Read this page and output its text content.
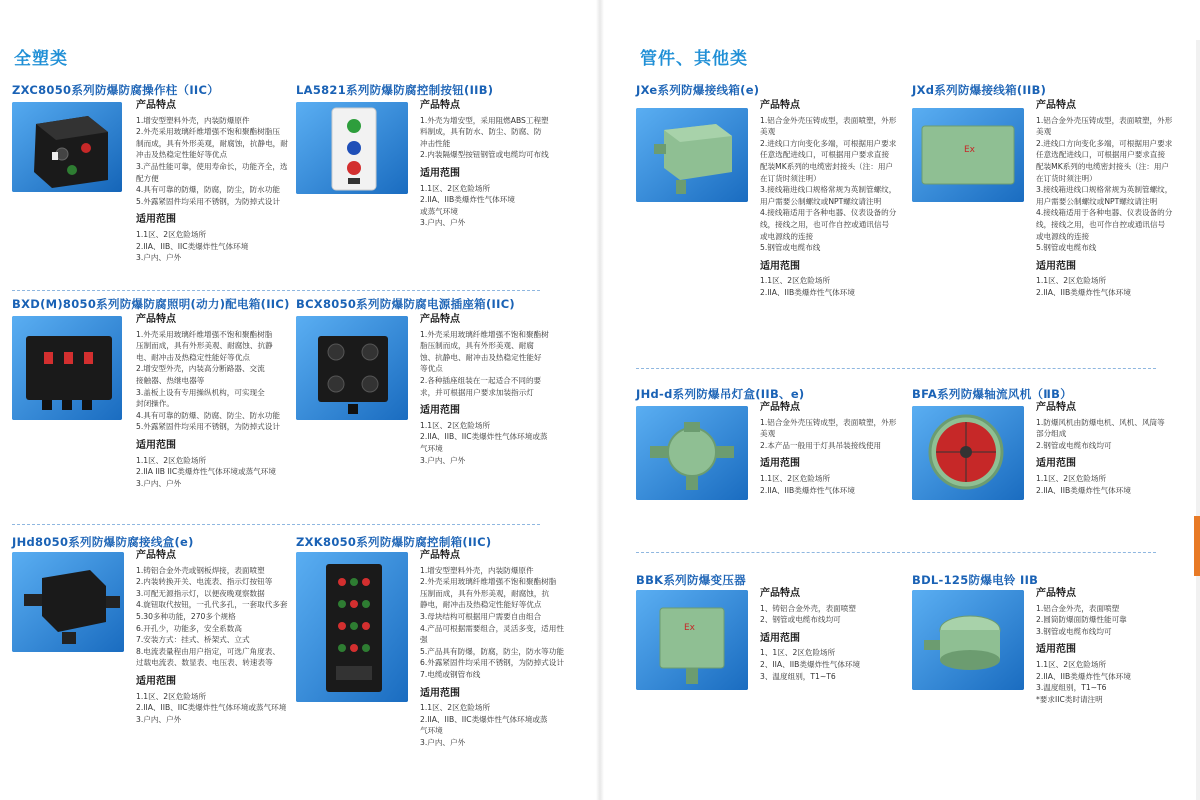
全塑类	管件、其他类
ZXC8050系列防爆防腐操作柱（IIC）
产品特点
1.增安型塑料外壳，内装防爆原件
2.外壳采用玻璃纤维增强不饱和聚酯树脂压
制而成，具有外形美观，耐腐蚀，抗静电，耐
冲击及热稳定性能好等优点
3.产品性能可靠，使用寿命长，功能齐全，选
配方便
4.具有可靠的防爆，防腐，防尘，防水功能
5.外露紧固件均采用不锈钢，为防掉式设计
适用范围
1.1区、2区危险场所
2.IIA、IIB、IIC类爆炸性气体环境
3.户内、户外
LA5821系列防爆防腐控制按钮(IIB)
产品特点
1.外壳为增安型，采用阻燃ABS工程塑
料制成，具有防水、防尘、防腐、防
冲击性能
2.内装隔爆型按钮钢管或电缆均可布线
适用范围
1.1区、2区危险场所
2.IIA、IIB类爆炸性气体环境
或蒸气环境
3.户内、户外
BXD(M)8050系列防爆防腐照明(动力)配电箱(IIC)
产品特点
1.外壳采用玻璃纤维增强不饱和聚酯树脂
压制而成，具有外形美观、耐腐蚀、抗静
电、耐冲击及热稳定性能好等优点
2.增安型外壳，内装高分断路器、交流
接触器、热继电器等
3.盖板上设有专用操纵机构，可实现全
封闭操作。
4.具有可靠的防爆、防腐、防尘、防水功能
5.外露紧固件均采用不锈钢，为防掉式设计
适用范围
1.1区、2区危险场所
2.IIA IIB IIC类爆炸性气体环境或蒸气环境
3.户内、户外
BCX8050系列防爆防腐电源插座箱(IIC)
产品特点
1.外壳采用玻璃纤维增强不饱和聚酯树
脂压制而成，具有外形美观、耐腐
蚀、抗静电、耐冲击及热稳定性能好
等优点
2.各种插座组装在一起适合不同的要
求，并可根据用户要求加装指示灯
适用范围
1.1区、2区危险场所
2.IIA、IIB、IIC类爆炸性气体环境或蒸
气环境
3.户内、户外
JHd8050系列防爆防腐接线盒(e)
产品特点
1.铸铝合金外壳或钢板焊接，表面喷塑
2.内装转换开关、电流表、指示灯按钮等
3.可配无源指示灯，以便夜晚观察数据
4.旋钮取代按钮，一孔代多孔，一套取代多套
5.30多种功能，270多个规格
6.开孔少，功能多，安全系数高
7.安装方式：挂式、桥架式、立式
8.电流表量程由用户指定，可选广角度表、
过载电流表、数显表、电压表、转速表等
适用范围
1.1区、2区危险场所
2.IIA、IIB、IIC类爆炸性气体环境或蒸气环境
3.户内、户外
ZXK8050系列防爆防腐控制箱(IIC)
产品特点
1.增安型塑料外壳，内装防爆原件
2.外壳采用玻璃纤维增强不饱和聚酯树脂
压制而成，具有外形美观，耐腐蚀，抗
静电，耐冲击及热稳定性能好等优点
3.母块结构可根据用户需要自由组合
4.产品可根据需要组合，灵活多变，适用性强
5.产品具有防爆，防腐，防尘，防水等功能
6.外露紧固件均采用不锈钢，为防掉式设计
7.电缆或钢管布线
适用范围
1.1区、2区危险场所
2.IIA、IIB、IIC类爆炸性气体环境或蒸
气环境
3.户内、户外
JXe系列防爆接线箱(e)
产品特点
1.铝合金外壳压铸成型，表面喷塑，外形
美观
2.进线口方向变化多端，可根据用户要求
任意选配进线口，可根据用户要求直接
配装MK系列的电缆密封接头（注：用户
在订货时须注明）
3.接线箱进线口规格常规为英制管螺纹，
用户需要公制螺纹或NPT螺纹请注明
4.接线箱适用于各种电器、仪表设备的分
线，接线之用，也可作自控或通讯信号
或电源线的连接
5.钢管或电缆布线
适用范围
1.1区、2区危险场所
2.IIA、IIB类爆炸性气体环境
JXd系列防爆接线箱(IIB)
Ex
产品特点
1.铝合金外壳压铸成型，表面喷塑，外形
美观
2.进线口方向变化多端，可根据用户要求
任意选配进线口，可根据用户要求直接
配装MK系列的电缆密封接头（注：用户
在订货时须注明）
3.接线箱进线口规格常规为英制管螺纹，
用户需要公制螺纹或NPT螺纹请注明
4.接线箱适用于各种电器、仪表设备的分
线，接线之用，也可作自控或通讯信号
或电源线的连接
5.钢管或电缆布线
适用范围
1.1区、2区危险场所
2.IIA、IIB类爆炸性气体环境
JHd-d系列防爆吊灯盒(IIB、e)
产品特点
1.铝合金外壳压铸成型，表面喷塑，外形
美观
2.本产品一般用于灯具吊装接线使用
适用范围
1.1区、2区危险场所
2.IIA、IIB类爆炸性气体环境
BFA系列防爆轴流风机（ⅡB）
产品特点
1.防爆风机由防爆电机、风机、风筒等
部分组成
2.钢管或电缆布线均可
适用范围
1.1区、2区危险场所
2.IIA、IIB类爆炸性气体环境
BBK系列防爆变压器
Ex
产品特点
1、铸铝合金外壳，表面喷塑
2、钢管或电缆布线均可
适用范围
1、1区、2区危险场所
2、IIA、IIB类爆炸性气体环境
3、温度组别，T1~T6
BDL-125防爆电铃 IIB
产品特点
1.铝合金外壳，表面喷塑
2.圆筒防爆面防爆性能可靠
3.钢管或电缆布线均可
适用范围
1.1区、2区危险场所
2.IIA、IIB类爆炸性气体环境
3.温度组别，T1~T6
*要求IIC类时请注明
